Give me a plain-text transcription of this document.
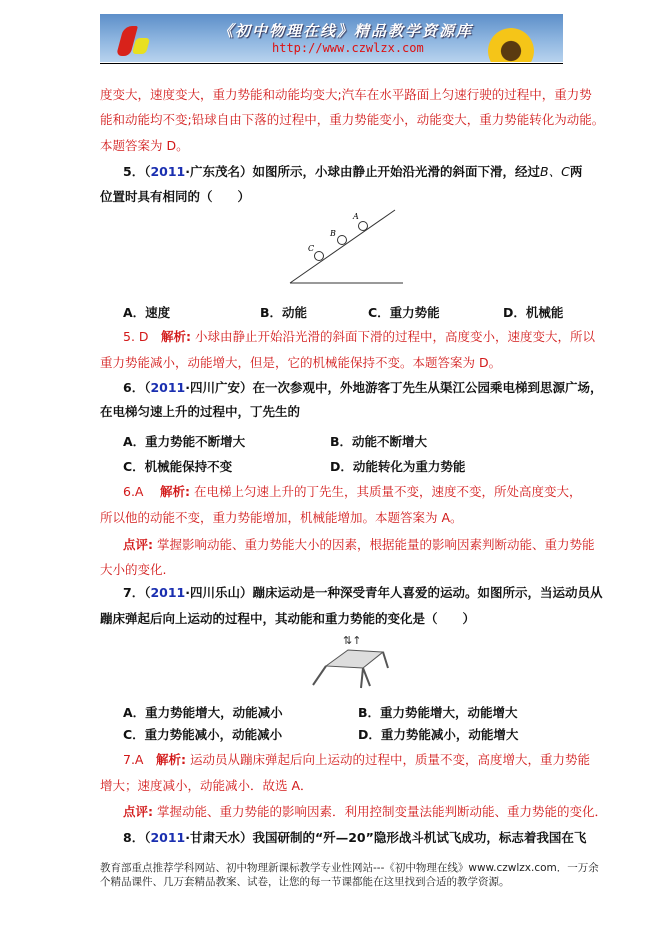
《初中物理在线》精品教学资源库
http://www.czwlzx.com
度变大，速度变大，重力势能和动能均变大;汽车在水平路面上匀速行驶的过程中，重力势
能和动能均不变;铅球自由下落的过程中，重力势能变小，动能变大，重力势能转化为动能。
本题答案为 D。
5．（2011·广东茂名）如图所示，小球由静止开始沿光滑的斜面下滑，经过B、C两
位置时具有相同的（　　）
A
B
C
A．速度	B．动能	C．重力势能	D．机械能
5. D　 解析: 小球由静止开始沿光滑的斜面下滑的过程中，高度变小，速度变大，所以
重力势能减小，动能增大，但是，它的机械能保持不变。本题答案为 D。
6．（2011·四川广安）在一次参观中，外地游客丁先生从渠江公园乘电梯到思源广场，
在电梯匀速上升的过程中，丁先生的
A．重力势能不断增大	B．动能不断增大
C．机械能保持不变	D．动能转化为重力势能
6.A　 解析: 在电梯上匀速上升的丁先生，其质量不变，速度不变，所处高度变大，
所以他的动能不变，重力势能增加，机械能增加。本题答案为 A。
点评: 掌握影响动能、重力势能大小的因素，根据能量的影响因素判断动能、重力势能
大小的变化.
7．（2011·四川乐山）蹦床运动是一种深受青年人喜爱的运动。如图所示，当运动员从
蹦床弹起后向上运动的过程中，其动能和重力势能的变化是（　　）
⇅↑
A．重力势能增大，动能减小	B．重力势能增大，动能增大
C．重力势能减小，动能减小	D．重力势能减小，动能增大
7.A　 解析: 运动员从蹦床弹起后向上运动的过程中，质量不变，高度增大，重力势能
增大；速度减小，动能减小．故选 A．
点评: 掌握动能、重力势能的影响因素．利用控制变量法能判断动能、重力势能的变化．
8．（2011·甘肃天水）我国研制的“歼—20”隐形战斗机试飞成功，标志着我国在飞
教育部重点推荐学科网站、初中物理新课标教学专业性网站---《初中物理在线》www.czwlzx.com．一万余
个精品课件、几万套精品教案、试卷，让您的每一节课都能在这里找到合适的教学资源。
